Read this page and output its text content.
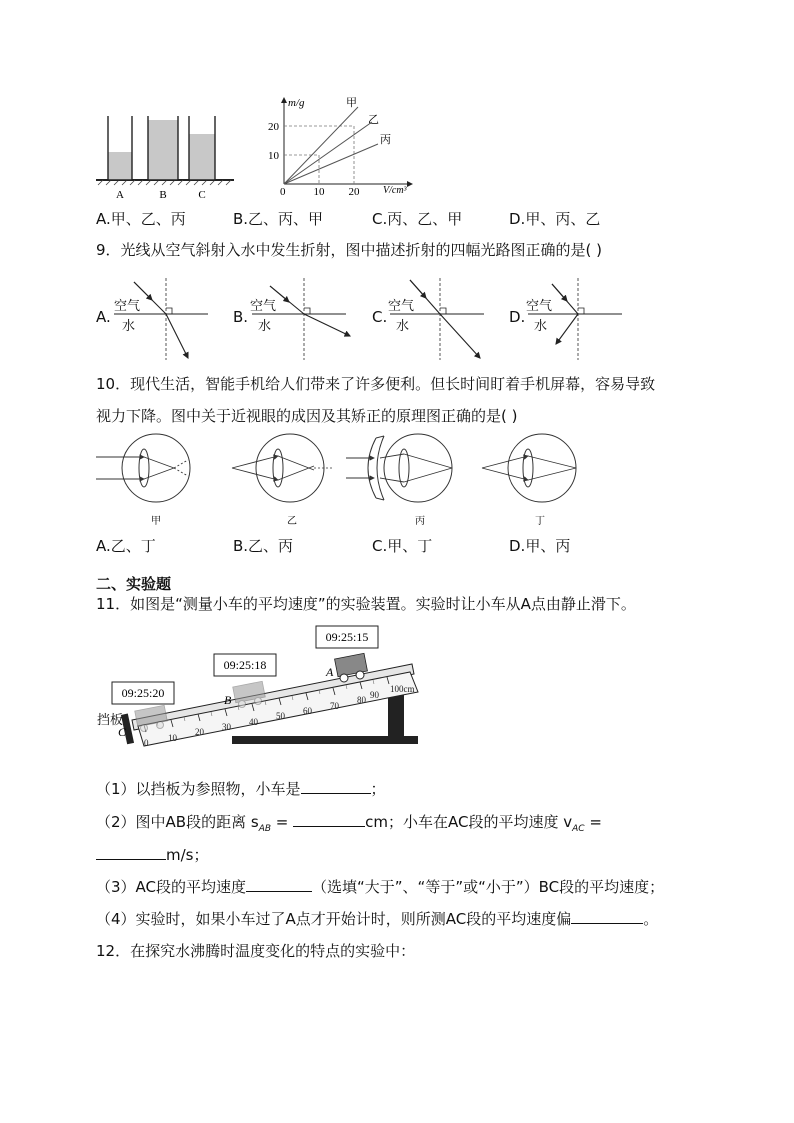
A	B	C
m/g
V/cm³
0	10 20
10
20
甲
乙
丙
A.甲、乙、丙	B.乙、丙、甲	C.丙、乙、甲	D.甲、丙、乙
9．光线从空气斜射入水中发生折射，图中描述折射的四幅光路图正确的是( )
A.
空气
水
B.
空气
水
C.
空气
水
D.
空气
水
10．现代生活，智能手机给人们带来了许多便利。但长时间盯着手机屏幕，容易导致
视力下降。图中关于近视眼的成因及其矫正的原理图正确的是( )
甲	乙	丙	丁
A.乙、丁	B.乙、丙	C.甲、丁	D.甲、丙
二、实验题
11．如图是“测量小车的平均速度”的实验装置。实验时让小车从A点由静止滑下。
0 10
20 30 40
50 60 70
80 90
100cm
09:25:15
09:25:18
09:25:20
A
B
C
挡板
（1）以挡板为参照物，小车是	；
（2）图中AB段的距离 $s_{AB}$ =	cm；小车在AC段的平均速度 $v_{AC}$ =
m/s；
（3）AC段的平均速度	（选填“大于”、“等于”或“小于”）BC段的平均速度；
（4）实验时，如果小车过了A点才开始计时，则所测AC段的平均速度偏	。
12．在探究水沸腾时温度变化的特点的实验中：
